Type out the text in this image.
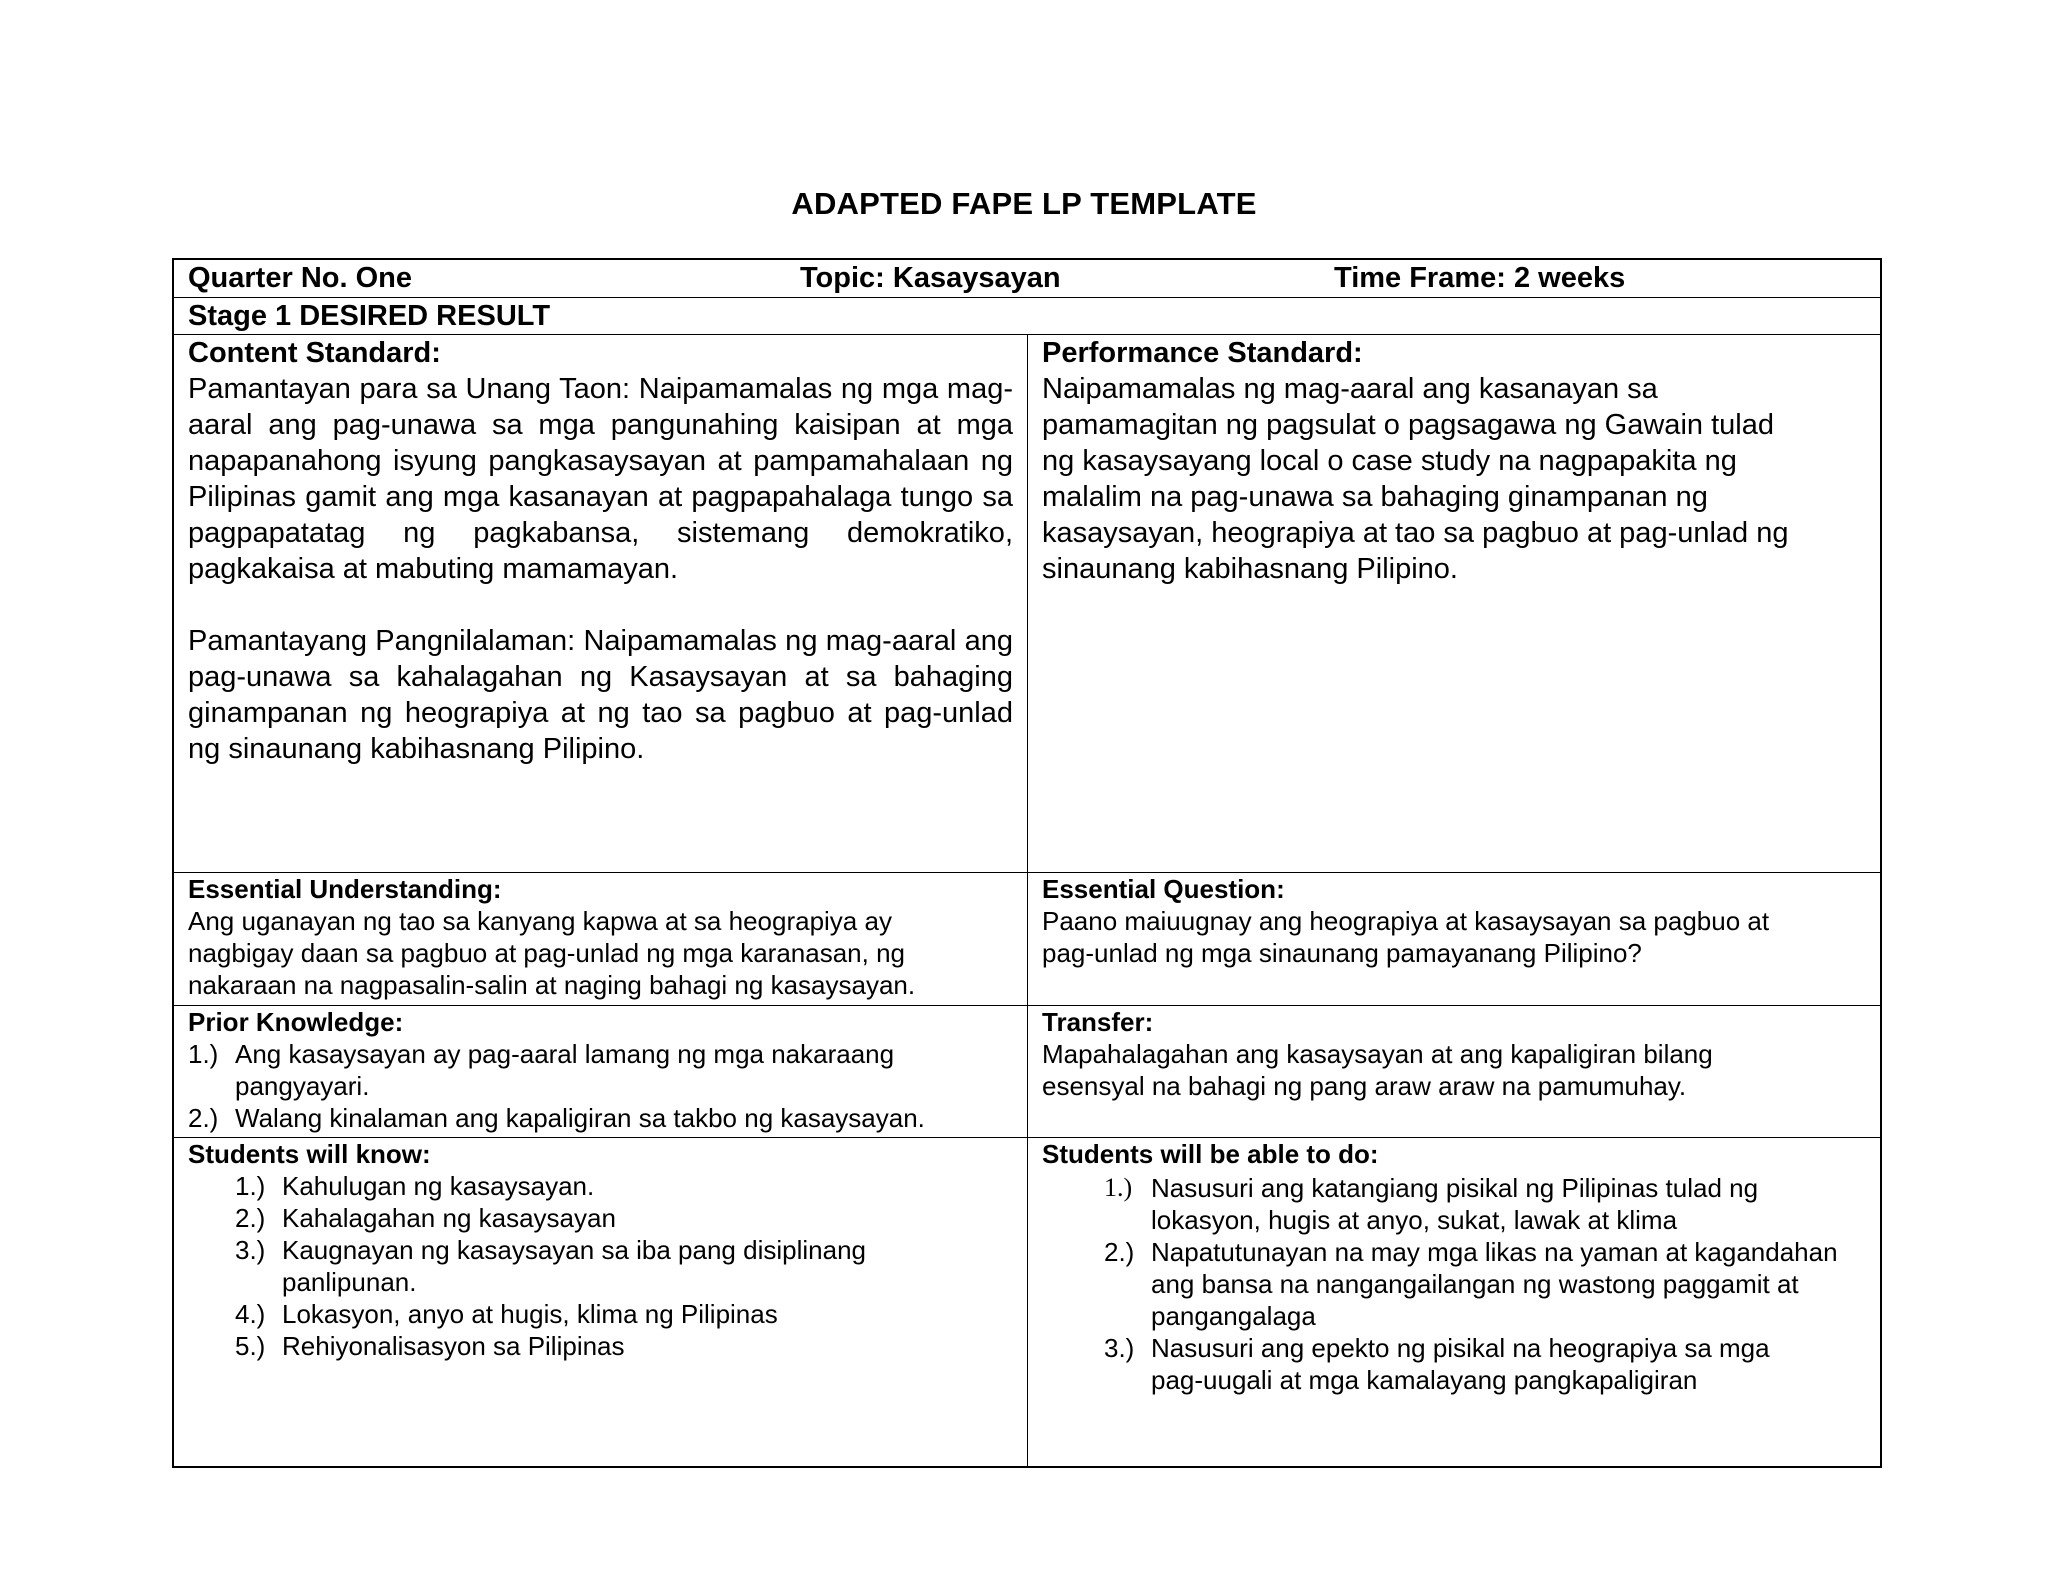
ADAPTED FAPE LP TEMPLATE
Quarter No. One	Topic: Kasaysayan	Time Frame: 2 weeks
Stage 1 DESIRED RESULT
Content Standard:

Pamantayan para sa Unang Taon: Naipamamalas ng mga mag-aaral ang pag-unawa sa mga pangunahing kaisipan at mga napapanahong isyung pangkasaysayan at pampamahalaan ng Pilipinas gamit ang mga kasanayan at pagpapahalaga tungo sa pagpapatatag ng pagkabansa, sistemang demokratiko, pagkakaisa at mabuting mamamayan.

Pamantayang Pangnilalaman: Naipamamalas ng mag-aaral ang pag-unawa sa kahalagahan ng Kasaysayan at sa bahaging ginampanan ng heograpiya at ng tao sa pagbuo at pag-unlad ng sinaunang kabihasnang Pilipino.

Performance Standard:
Naipamamalas ng mag-aaral ang kasanayan sa
pamamagitan ng pagsulat o pagsagawa ng Gawain tulad
ng kasaysayang local o case study na nagpapakita ng
malalim na pag-unawa sa bahaging ginampanan ng
kasaysayan, heograpiya at tao sa pagbuo at pag-unlad ng
sinaunang kabihasnang Pilipino.
Essential Understanding:
Ang uganayan ng tao sa kanyang kapwa at sa heograpiya ay
nagbigay daan sa pagbuo at pag-unlad ng mga karanasan, ng
nakaraan na nagpasalin-salin at naging bahagi ng kasaysayan.
Essential Question:
Paano maiuugnay ang heograpiya at kasaysayan sa pagbuo at
pag-unlad ng mga sinaunang pamayanang Pilipino?
Prior Knowledge:
1.) Ang kasaysayan ay pag-aaral lamang ng mga nakaraang pangyayari.
2.) Walang kinalaman ang kapaligiran sa takbo ng kasaysayan.
Transfer:
Mapahalagahan ang kasaysayan at ang kapaligiran bilang
esensyal na bahagi ng pang araw araw na pamumuhay.
Students will know:
1.) Kahulugan ng kasaysayan.
2.) Kahalagahan ng kasaysayan
3.) Kaugnayan ng kasaysayan sa iba pang disiplinang panlipunan.
4.) Lokasyon, anyo at hugis, klima ng Pilipinas
5.) Rehiyonalisasyon sa Pilipinas
Students will be able to do:
1.) Nasusuri ang katangiang pisikal ng Pilipinas tulad ng lokasyon, hugis at anyo, sukat, lawak at klima
2.) Napatutunayan na may mga likas na yaman at kagandahan ang bansa na nangangailangan ng wastong paggamit at pangangalaga
3.) Nasusuri ang epekto ng pisikal na heograpiya sa mga pag-uugali at mga kamalayang pangkapaligiran
